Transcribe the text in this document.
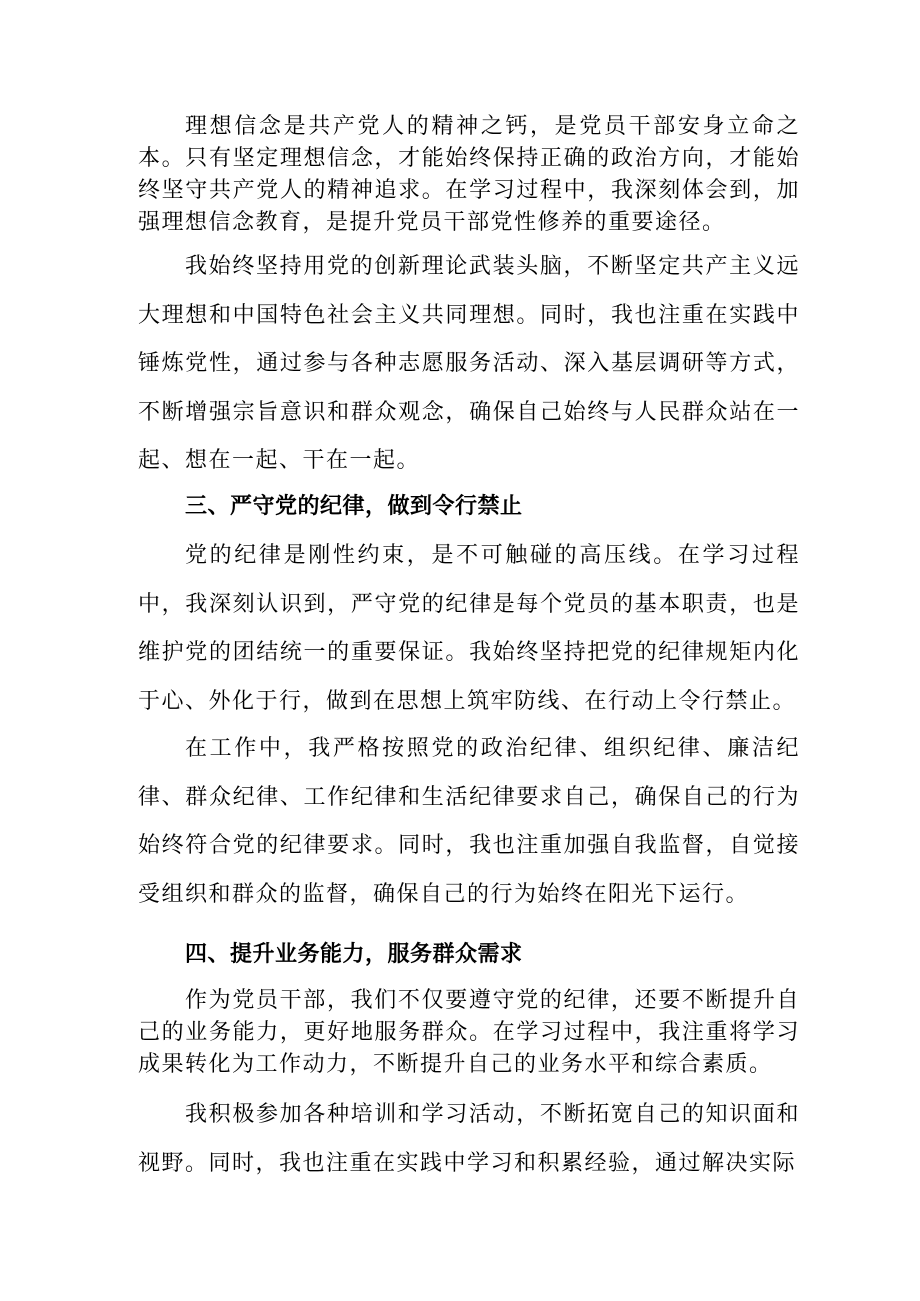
理想信念是共产党人的精神之钙，是党员干部安身立命之本。只有坚定理想信念，才能始终保持正确的政治方向，才能始终坚守共产党人的精神追求。在学习过程中，我深刻体会到，加强理想信念教育，是提升党员干部党性修养的重要途径。

我始终坚持用党的创新理论武装头脑，不断坚定共产主义远大理想和中国特色社会主义共同理想。同时，我也注重在实践中锤炼党性，通过参与各种志愿服务活动、深入基层调研等方式，不断增强宗旨意识和群众观念，确保自己始终与人民群众站在一起、想在一起、干在一起。

三、严守党的纪律，做到令行禁止

党的纪律是刚性约束，是不可触碰的高压线。在学习过程中，我深刻认识到，严守党的纪律是每个党员的基本职责，也是维护党的团结统一的重要保证。我始终坚持把党的纪律规矩内化于心、外化于行，做到在思想上筑牢防线、在行动上令行禁止。

在工作中，我严格按照党的政治纪律、组织纪律、廉洁纪律、群众纪律、工作纪律和生活纪律要求自己，确保自己的行为始终符合党的纪律要求。同时，我也注重加强自我监督，自觉接受组织和群众的监督，确保自己的行为始终在阳光下运行。

四、提升业务能力，服务群众需求

作为党员干部，我们不仅要遵守党的纪律，还要不断提升自己的业务能力，更好地服务群众。在学习过程中，我注重将学习成果转化为工作动力，不断提升自己的业务水平和综合素质。

我积极参加各种培训和学习活动，不断拓宽自己的知识面和视野。同时，我也注重在实践中学习和积累经验，通过解决实际
